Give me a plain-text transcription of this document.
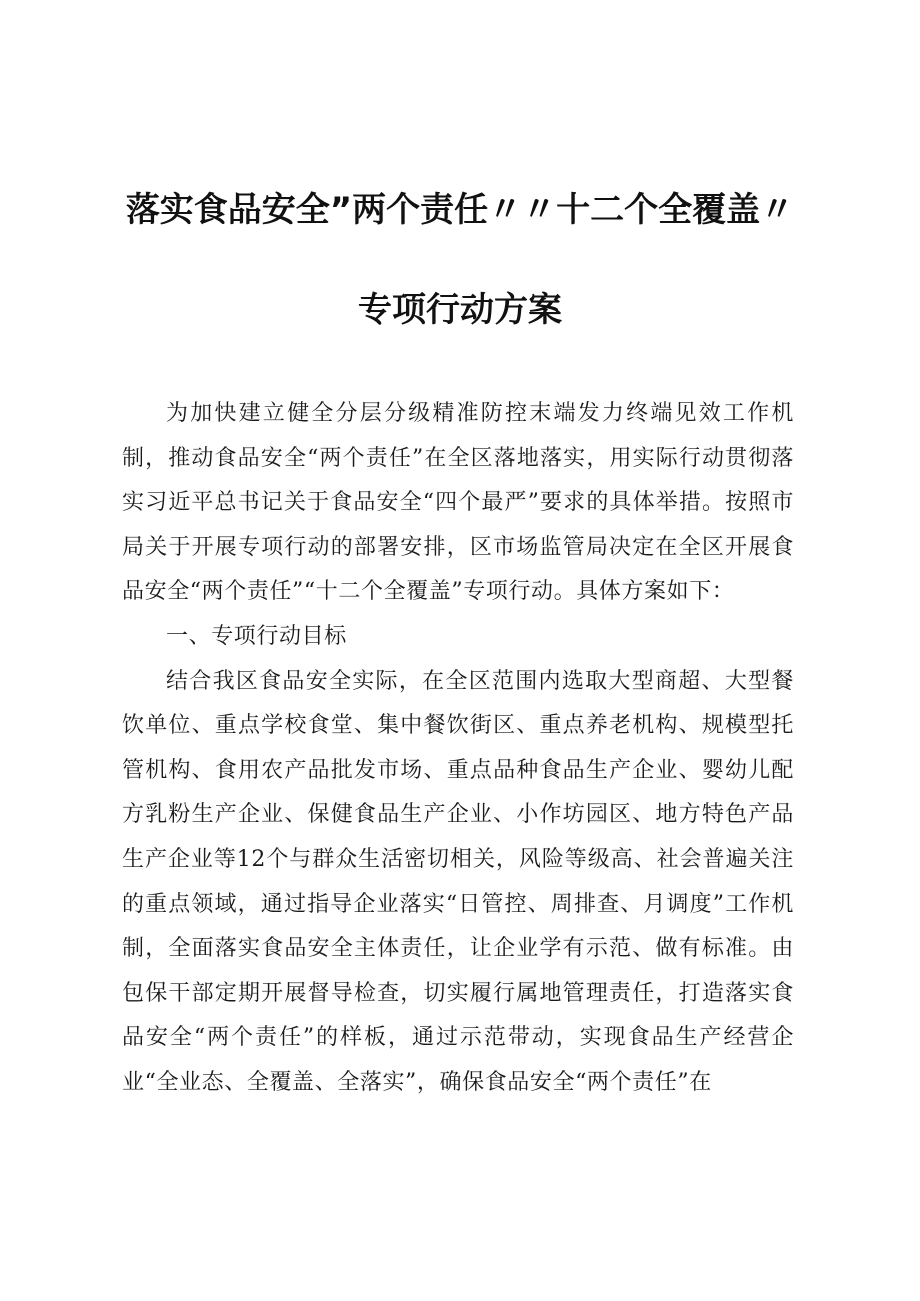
落实食品安全”两个责任〃〃十二个全覆盖〃
专项行动方案

为加快建立健全分层分级精准防控末端发力终端见效工作机制，推动食品安全“两个责任”在全区落地落实，用实际行动贯彻落实习近平总书记关于食品安全“四个最严”要求的具体举措。按照市局关于开展专项行动的部署安排，区市场监管局决定在全区开展食品安全“两个责任”“十二个全覆盖”专项行动。具体方案如下：

一、专项行动目标

结合我区食品安全实际，在全区范围内选取大型商超、大型餐饮单位、重点学校食堂、集中餐饮街区、重点养老机构、规模型托管机构、食用农产品批发市场、重点品种食品生产企业、婴幼儿配方乳粉生产企业、保健食品生产企业、小作坊园区、地方特色产品生产企业等12个与群众生活密切相关，风险等级高、社会普遍关注的重点领域，通过指导企业落实“日管控、周排查、月调度”工作机制，全面落实食品安全主体责任，让企业学有示范、做有标准。由包保干部定期开展督导检查，切实履行属地管理责任，打造落实食品安全“两个责任”的样板，通过示范带动，实现食品生产经营企业“全业态、全覆盖、全落实”，确保食品安全“两个责任”在
